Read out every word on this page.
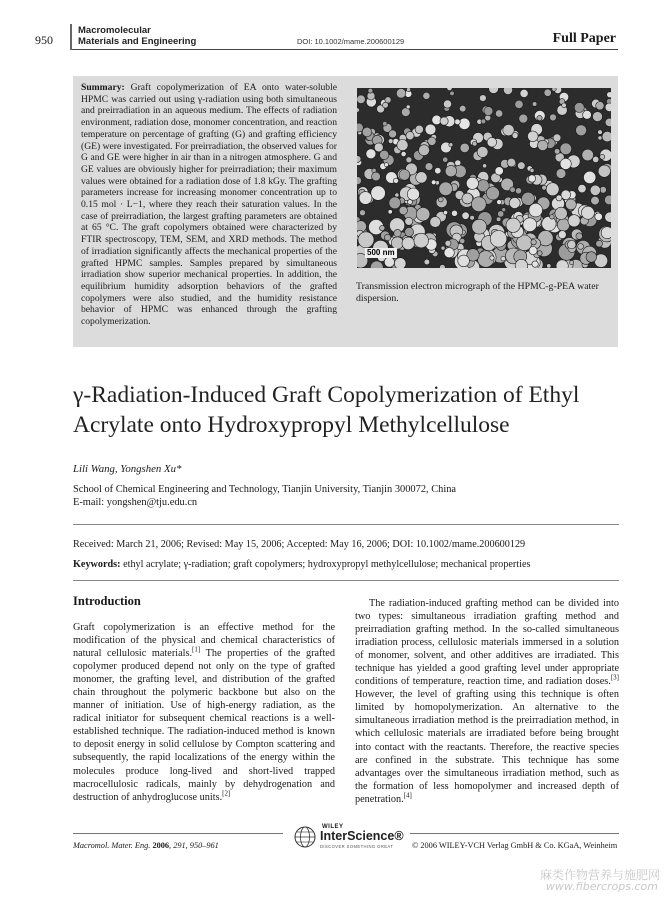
950
Macromolecular
Materials and Engineering	DOI: 10.1002/mame.200600129	Full Paper
Summary: Graft copolymerization of EA onto water-soluble HPMC was carried out using γ-radiation using both simultaneous and preirradiation in an aqueous medium. The effects of radiation environment, radiation dose, monomer concentration, and reaction temperature on percentage of grafting (G) and grafting efficiency (GE) were investigated. For preirradiation, the observed values for G and GE were higher in air than in a nitrogen atmosphere. G and GE values are obviously higher for preirradiation; their maximum values were obtained for a radiation dose of 1.8 kGy. The grafting parameters increase for increasing monomer concentration up to 0.15 mol · L−1, where they reach their saturation values. In the case of preirradiation, the largest grafting parameters are obtained at 65 °C. The graft copolymers obtained were characterized by FTIR spectroscopy, TEM, SEM, and XRD methods. The method of irradiation significantly affects the mechanical properties of the grafted HPMC samples. Samples prepared by simultaneous irradiation show superior mechanical properties. In addition, the equilibrium humidity adsorption behaviors of the grafted copolymers were also studied, and the humidity resistance behavior of HPMC was enhanced through the grafting copolymerization.
500 nm
Transmission electron micrograph of the HPMC-g-PEA water dispersion.
γ-Radiation-Induced Graft Copolymerization of Ethyl Acrylate onto Hydroxypropyl Methylcellulose
Lili Wang, Yongshen Xu*
School of Chemical Engineering and Technology, Tianjin University, Tianjin 300072, China
E-mail: yongshen@tju.edu.cn
Received: March 21, 2006; Revised: May 15, 2006; Accepted: May 16, 2006; DOI: 10.1002/mame.200600129
Keywords: ethyl acrylate; γ-radiation; graft copolymers; hydroxypropyl methylcellulose; mechanical properties
Introduction
Graft copolymerization is an effective method for the modification of the physical and chemical characteristics of natural cellulosic materials.[1] The properties of the grafted copolymer produced depend not only on the type of grafted monomer, the grafting level, and distribution of the grafted chain throughout the polymeric backbone but also on the manner of initiation. Use of high-energy radiation, as the radical initiator for subsequent chemical reactions is a well-established technique. The radiation-induced method is known to deposit energy in solid cellulose by Compton scattering and subsequently, the rapid localizations of the energy within the molecules produce long-lived and short-lived trapped macrocellulosic radicals, mainly by dehydrogenation and destruction of anhydroglucose units.[2]
The radiation-induced grafting method can be divided into two types: simultaneous irradiation grafting method and preirradiation grafting method. In the so-called simultaneous irradiation process, cellulosic materials immersed in a solution of monomer, solvent, and other additives are irradiated. This technique has yielded a good grafting level under appropriate conditions of temperature, reaction time, and radiation doses.[3] However, the level of grafting using this technique is often limited by homopolymerization. An alternative to the simultaneous irradiation method is the preirradiation method, in which cellulosic materials are irradiated before being brought into contact with the reactants. Therefore, the reactive species are confined in the substrate. This technique has some advantages over the simultaneous irradiation method, such as the formation of less homopolymer and increased depth of penetration.[4]
Macromol. Mater. Eng. 2006, 291, 950–961
WILEY
InterScience®
DISCOVER SOMETHING GREAT © 2006 WILEY-VCH Verlag GmbH & Co. KGaA, Weinheim
麻类作物营养与施肥网
www.fibercrops.com
